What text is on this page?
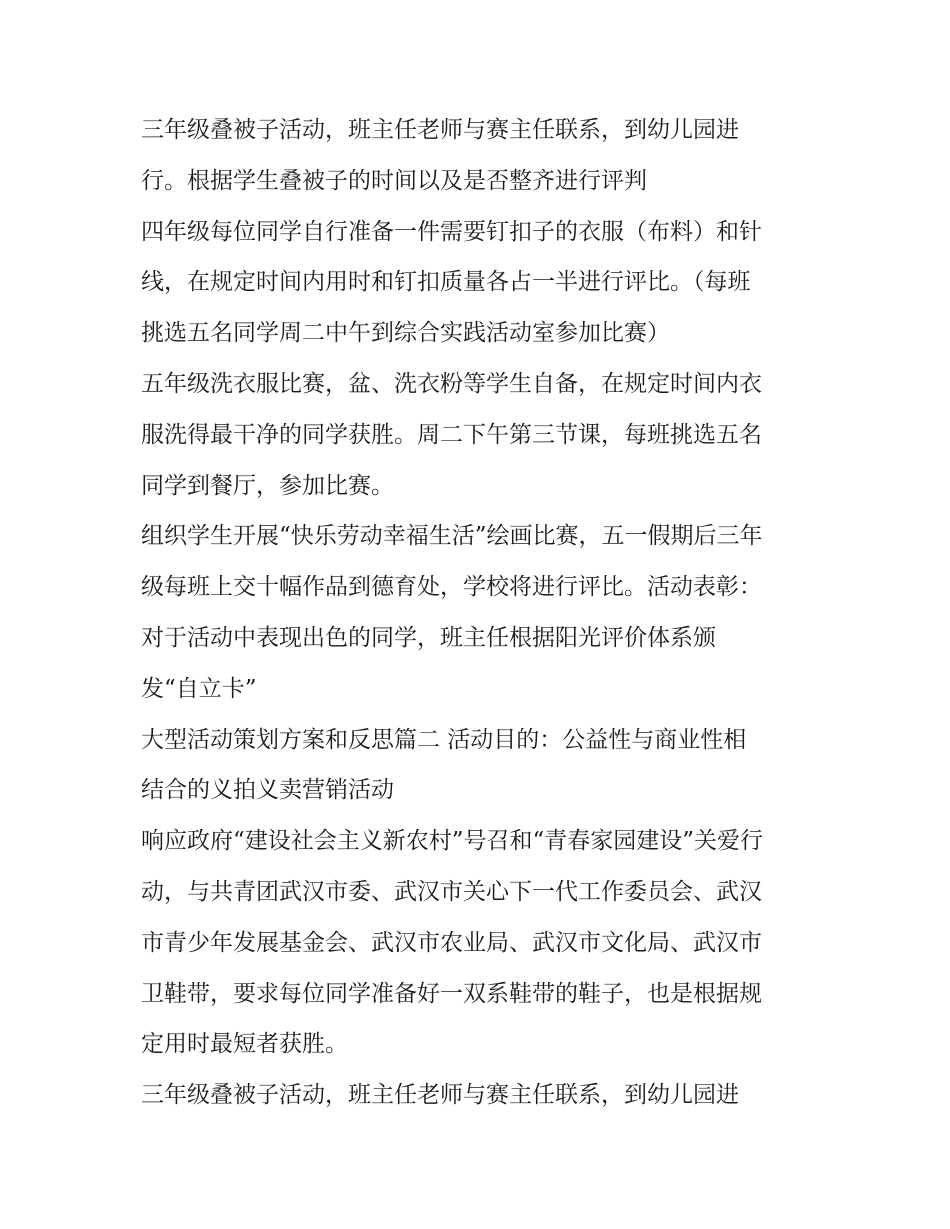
三年级叠被子活动，班主任老师与赛主任联系，到幼儿园进
行。根据学生叠被子的时间以及是否整齐进行评判
四年级每位同学自行准备一件需要钉扣子的衣服（布料）和针
线，在规定时间内用时和钉扣质量各占一半进行评比。（每班
挑选五名同学周二中午到综合实践活动室参加比赛）
五年级洗衣服比赛，盆、洗衣粉等学生自备，在规定时间内衣
服洗得最干净的同学获胜。周二下午第三节课，每班挑选五名
同学到餐厅，参加比赛。
组织学生开展“快乐劳动幸福生活”绘画比赛，五一假期后三年
级每班上交十幅作品到德育处，学校将进行评比。活动表彰：
对于活动中表现出色的同学，班主任根据阳光评价体系颁
发“自立卡”
大型活动策划方案和反思篇二 活动目的：公益性与商业性相
结合的义拍义卖营销活动
响应政府“建设社会主义新农村”号召和“青春家园建设”关爱行
动，与共青团武汉市委、武汉市关心下一代工作委员会、武汉
市青少年发展基金会、武汉市农业局、武汉市文化局、武汉市
卫鞋带，要求每位同学准备好一双系鞋带的鞋子，也是根据规
定用时最短者获胜。
三年级叠被子活动，班主任老师与赛主任联系，到幼儿园进
